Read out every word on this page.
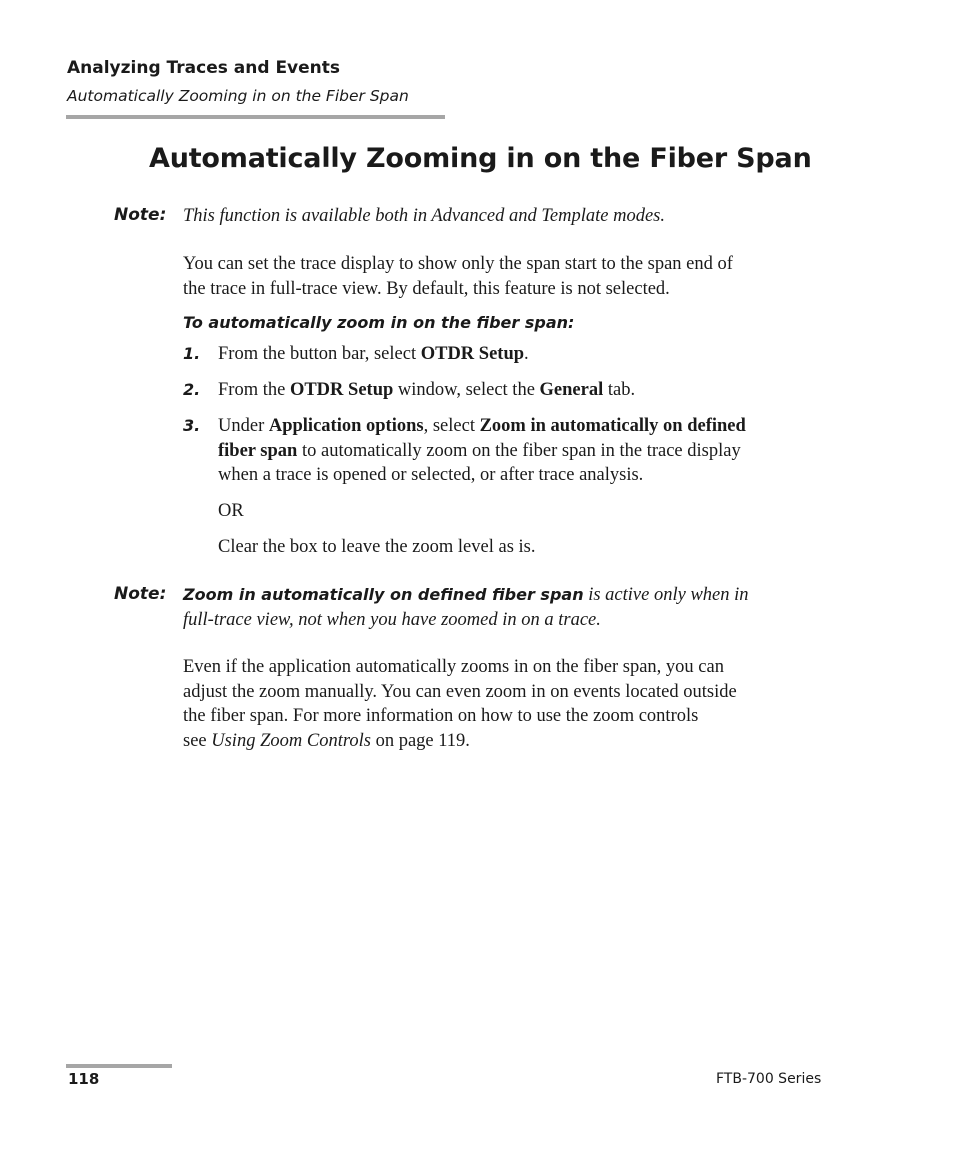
Analyzing Traces and Events
Automatically Zooming in on the Fiber Span
Automatically Zooming in on the Fiber Span
Note: This function is available both in Advanced and Template modes.
You can set the trace display to show only the span start to the span end of
the trace in full-trace view. By default, this feature is not selected.
To automatically zoom in on the fiber span:
1. From the button bar, select OTDR Setup.
2. From the OTDR Setup window, select the General tab.
3. Under Application options, select Zoom in automatically on defined
fiber span to automatically zoom on the fiber span in the trace display
when a trace is opened or selected, or after trace analysis.
OR
Clear the box to leave the zoom level as is.
Note: Zoom in automatically on defined fiber span is active only when in
full-trace view, not when you have zoomed in on a trace.
Even if the application automatically zooms in on the fiber span, you can
adjust the zoom manually. You can even zoom in on events located outside
the fiber span. For more information on how to use the zoom controls
see Using Zoom Controls on page 119.
118	FTB-700 Series
